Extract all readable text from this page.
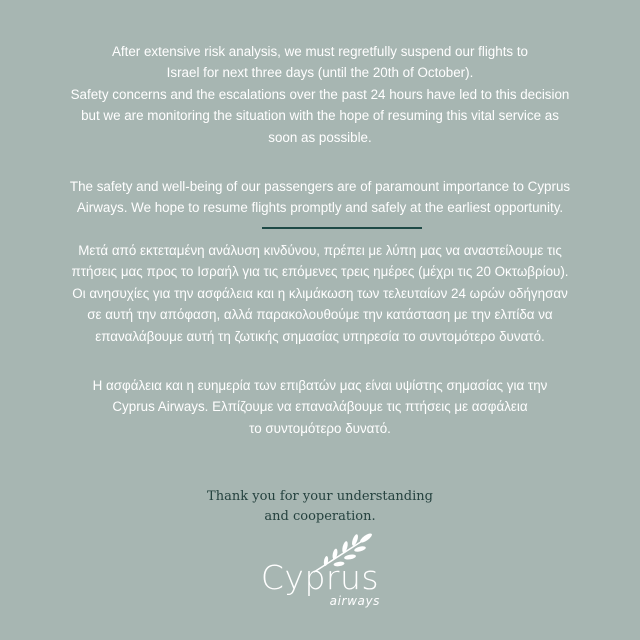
After extensive risk analysis, we must regretfully suspend our flights to
Israel for next three days (until the 20th of October).
Safety concerns and the escalations over the past 24 hours have led to this decision
but we are monitoring the situation with the hope of resuming this vital service as
soon as possible.
The safety and well-being of our passengers are of paramount importance to Cyprus
Airways. We hope to resume flights promptly and safely at the earliest opportunity.
Μετά από εκτεταμένη ανάλυση κινδύνου, πρέπει με λύπη μας να αναστείλουμε τις
πτήσεις μας προς το Ισραήλ για τις επόμενες τρεις ημέρες (μέχρι τις 20 Οκτωβρίου).
Οι ανησυχίες για την ασφάλεια και η κλιμάκωση των τελευταίων 24 ωρών οδήγησαν
σε αυτή την απόφαση, αλλά παρακολουθούμε την κατάσταση με την ελπίδα να
επαναλάβουμε αυτή τη ζωτικής σημασίας υπηρεσία το συντομότερο δυνατό.
Η ασφάλεια και η ευημερία των επιβατών μας είναι υψίστης σημασίας για την
Cyprus Airways. Ελπίζουμε να επαναλάβουμε τις πτήσεις με ασφάλεια
το συντομότερο δυνατό.
Thank you for your understanding
and cooperation.
Cyprus
airways
